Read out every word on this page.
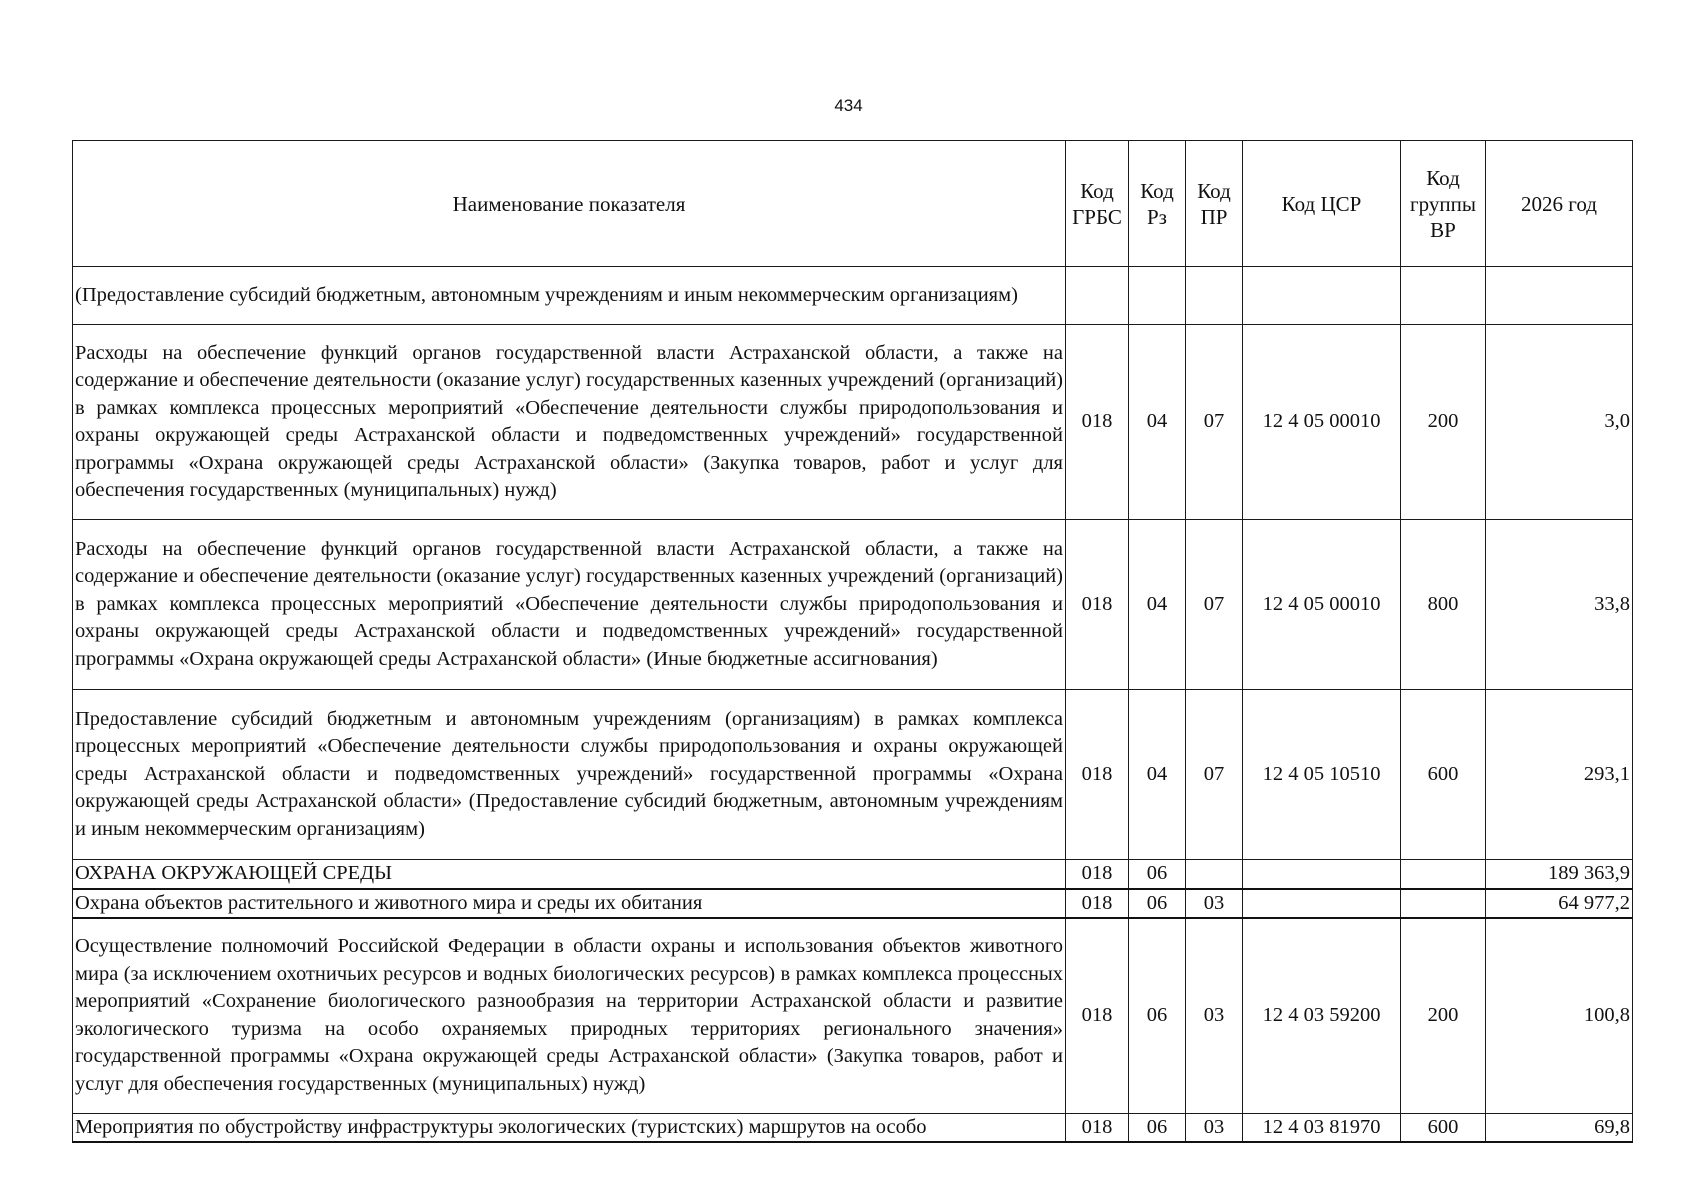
434
Наименование показателя	Код ГРБС	Код Рз	Код ПР	Код ЦСР	Код группы ВР	2026 год
(Предоставление субсидий бюджетным, автономным учреждениям и иным некоммерческим организациям)						
Расходы на обеспечение функций органов государственной власти Астраханской области, а также на содержание и обеспечение деятельности (оказание услуг) государственных казенных учреждений (организаций) в рамках комплекса процессных мероприятий «Обеспечение деятельности службы природопользования и охраны окружающей среды Астраханской области и подведомственных учреждений» государственной программы «Охрана окружающей среды Астраханской области» (Закупка товаров, работ и услуг для обеспечения государственных (муниципальных) нужд)	018	04	07	12 4 05 00010	200	3,0
Расходы на обеспечение функций органов государственной власти Астраханской области, а также на содержание и обеспечение деятельности (оказание услуг) государственных казенных учреждений (организаций) в рамках комплекса процессных мероприятий «Обеспечение деятельности службы природопользования и охраны окружающей среды Астраханской области и подведомственных учреждений» государственной программы «Охрана окружающей среды Астраханской области» (Иные бюджетные ассигнования)	018	04	07	12 4 05 00010	800	33,8
Предоставление субсидий бюджетным и автономным учреждениям (организациям) в рамках комплекса процессных мероприятий «Обеспечение деятельности службы природопользования и охраны окружающей среды Астраханской области и подведомственных учреждений» государственной программы «Охрана окружающей среды Астраханской области» (Предоставление субсидий бюджетным, автономным учреждениям и иным некоммерческим организациям)	018	04	07	12 4 05 10510	600	293,1
ОХРАНА ОКРУЖАЮЩЕЙ СРЕДЫ	018	06				189 363,9
Охрана объектов растительного и животного мира и среды их обитания	018	06	03			64 977,2
Осуществление полномочий Российской Федерации в области охраны и использования объектов животного мира (за исключением охотничьих ресурсов и водных биологических ресурсов) в рамках комплекса процессных мероприятий «Сохранение биологического разнообразия на территории Астраханской области и развитие экологического туризма на особо охраняемых природных территориях регионального значения» государственной программы «Охрана окружающей среды Астраханской области» (Закупка товаров, работ и услуг для обеспечения государственных (муниципальных) нужд)	018	06	03	12 4 03 59200	200	100,8
Мероприятия по обустройству инфраструктуры экологических (туристских) маршрутов на особо	018	06	03	12 4 03 81970	600	69,8
